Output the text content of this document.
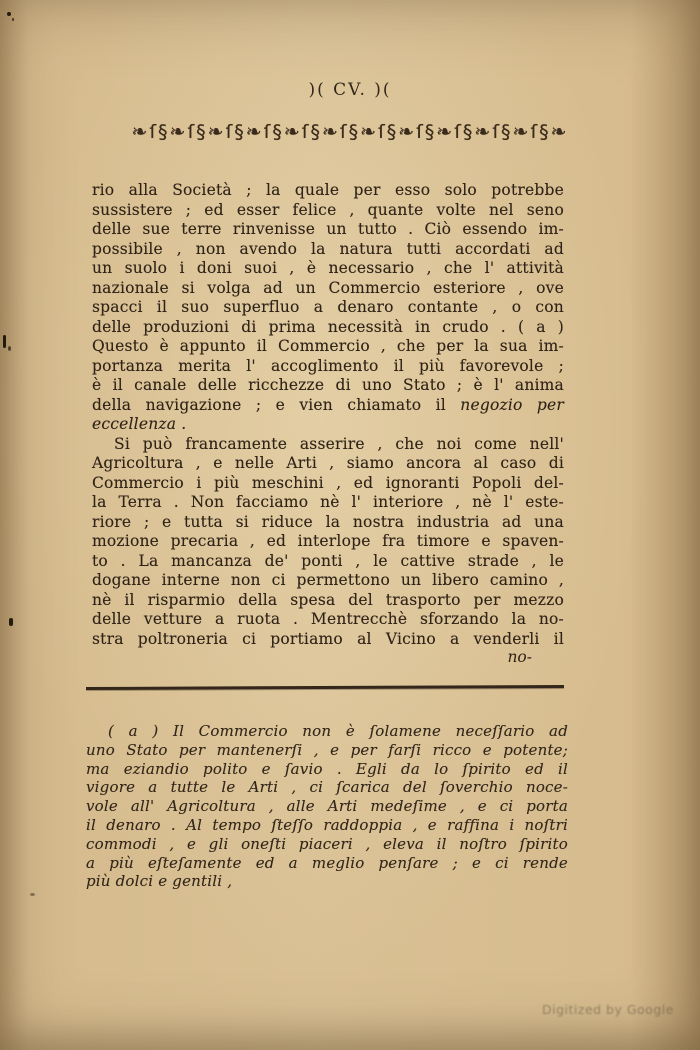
)( CV. )(
❧ſ§❧ſ§❧ſ§❧ſ§❧ſ§❧ſ§❧ſ§❧ſ§❧ſ§❧ſ§❧ſ§❧
rio alla Società ; la quale per esso solo potrebbe
sussistere ; ed esser felice , quante volte nel seno
delle sue terre rinvenisse un tutto . Ciò essendo im-
possibile , non avendo la natura tutti accordati ad
un suolo i doni suoi , è necessario , che l' attività
nazionale si volga ad un Commercio esteriore , ove
spacci il suo superfluo a denaro contante , o con
delle produzioni di prima necessità in crudo . ( a )
Questo è appunto il Commercio , che per la sua im-
portanza merita l' accoglimento il più favorevole ;
è il canale delle ricchezze di uno Stato ; è l' anima
della navigazione ; e vien chiamato il negozio per
eccellenza .
Si può francamente asserire , che noi come nell'
Agricoltura , e nelle Arti , siamo ancora al caso di
Commercio i più meschini , ed ignoranti Popoli del-
la Terra . Non facciamo nè l' interiore , nè l' este-
riore ; e tutta si riduce la nostra industria ad una
mozione precaria , ed interlope fra timore e spaven-
to . La mancanza de' ponti , le cattive strade , le
dogane interne non ci permettono un libero camino ,
nè il risparmio della spesa del trasporto per mezzo
delle vetture a ruota . Mentrecchè sforzando la no-
stra poltroneria ci portiamo al Vicino a venderli il
no-
( a ) Il Commercio non è ſolamene neceſſario ad
uno Stato per mantenerſi , e per farſi ricco e potente;
ma eziandio polito e ſavio . Egli da lo ſpirito ed il
vigore a tutte le Arti , ci ſcarica del ſoverchio noce-
vole all' Agricoltura , alle Arti medeſime , e ci porta
il denaro . Al tempo ſteſſo raddoppia , e raffina i noſtri
commodi , e gli oneſti piaceri , eleva il noſtro ſpirito
a più eſteſamente ed a meglio penſare ; e ci rende
più dolci e gentili ,
Digitized by Google
